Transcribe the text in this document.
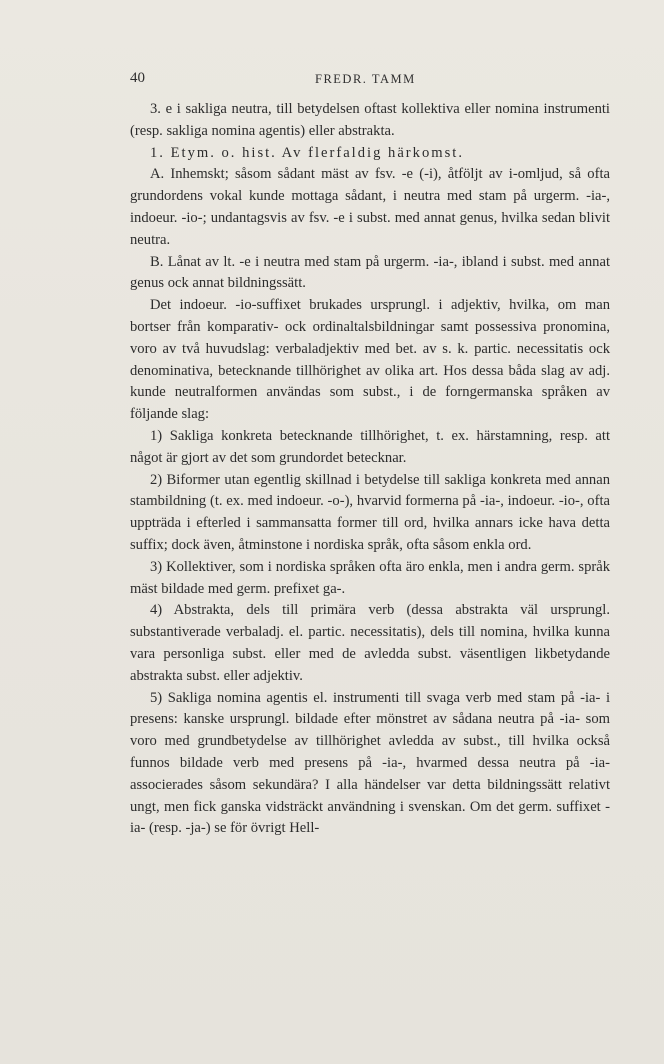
40	FREDR. TAMM

3. e i sakliga neutra, till betydelsen oftast kollektiva eller nomina instrumenti (resp. sakliga nomina agentis) eller abstrakta.

1. Etym. o. hist. Av flerfaldig härkomst.

A. Inhemskt; såsom sådant mäst av fsv. -e (-i), åtföljt av i-omljud, så ofta grundordens vokal kunde mottaga sådant, i neutra med stam på urgerm. -ia-, indoeur. -io-; undantagsvis av fsv. -e i subst. med annat genus, hvilka sedan blivit neutra.

B. Lånat av lt. -e i neutra med stam på urgerm. -ia-, ibland i subst. med annat genus ock annat bildningssätt.

Det indoeur. -io-suffixet brukades ursprungl. i adjektiv, hvilka, om man bortser från komparativ- ock ordinaltalsbildningar samt possessiva pronomina, voro av två huvudslag: verbaladjektiv med bet. av s. k. partic. necessitatis ock denominativa, betecknande tillhörighet av olika art. Hos dessa båda slag av adj. kunde neutralformen användas som subst., i de forngermanska språken av följande slag:

1) Sakliga konkreta betecknande tillhörighet, t. ex. härstamning, resp. att något är gjort av det som grundordet betecknar.

2) Biformer utan egentlig skillnad i betydelse till sakliga konkreta med annan stambildning (t. ex. med indoeur. -o-), hvarvid formerna på -ia-, indoeur. -io-, ofta uppträda i efterled i sammansatta former till ord, hvilka annars icke hava detta suffix; dock även, åtminstone i nordiska språk, ofta såsom enkla ord.

3) Kollektiver, som i nordiska språken ofta äro enkla, men i andra germ. språk mäst bildade med germ. prefixet ga-.

4) Abstrakta, dels till primära verb (dessa abstrakta väl ursprungl. substantiverade verbaladj. el. partic. necessitatis), dels till nomina, hvilka kunna vara personliga subst. eller med de avledda subst. väsentligen likbetydande abstrakta subst. eller adjektiv.

5) Sakliga nomina agentis el. instrumenti till svaga verb med stam på -ia- i presens: kanske ursprungl. bildade efter mönstret av sådana neutra på -ia- som voro med grundbetydelse av tillhörighet avledda av subst., till hvilka också funnos bildade verb med presens på -ia-, hvarmed dessa neutra på -ia- associerades såsom sekundära? I alla händelser var detta bildningssätt relativt ungt, men fick ganska vidsträckt användning i svenskan. Om det germ. suffixet -ia- (resp. -ja-) se för övrigt Hell-
